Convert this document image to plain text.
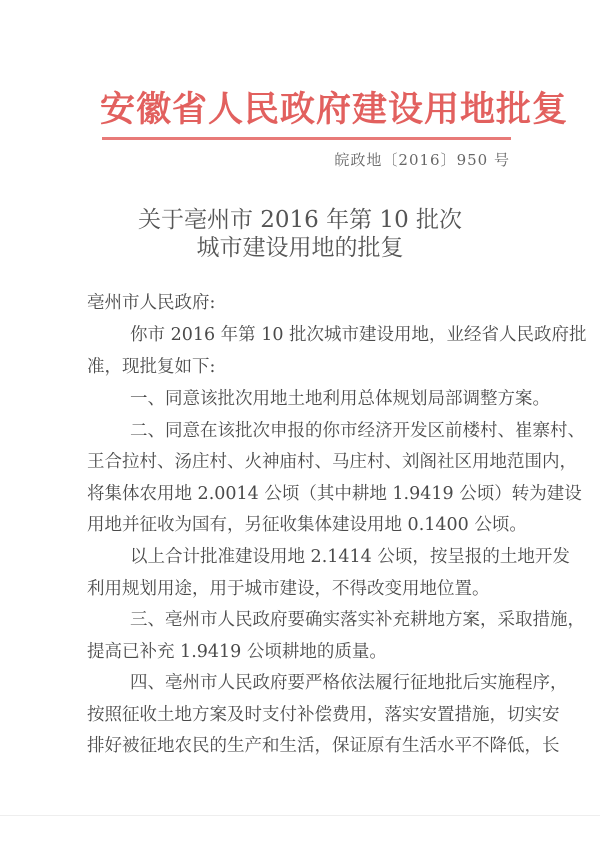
安徽省人民政府建设用地批复
皖政地〔2016〕950 号
关于亳州市 2016 年第 10 批次
城市建设用地的批复
亳州市人民政府:
你市 2016 年第 10 批次城市建设用地，业经省人民政府批
准，现批复如下:
一、同意该批次用地土地利用总体规划局部调整方案。
二、同意在该批次申报的你市经济开发区前楼村、崔寨村、
王合拉村、汤庄村、火神庙村、马庄村、刘阁社区用地范围内，
将集体农用地 2.0014 公顷（其中耕地 1.9419 公顷）转为建设
用地并征收为国有，另征收集体建设用地 0.1400 公顷。
以上合计批准建设用地 2.1414 公顷，按呈报的土地开发
利用规划用途，用于城市建设，不得改变用地位置。
三、亳州市人民政府要确实落实补充耕地方案，采取措施，
提高已补充 1.9419 公顷耕地的质量。
四、亳州市人民政府要严格依法履行征地批后实施程序，
按照征收土地方案及时支付补偿费用，落实安置措施，切实安
排好被征地农民的生产和生活，保证原有生活水平不降低，长
